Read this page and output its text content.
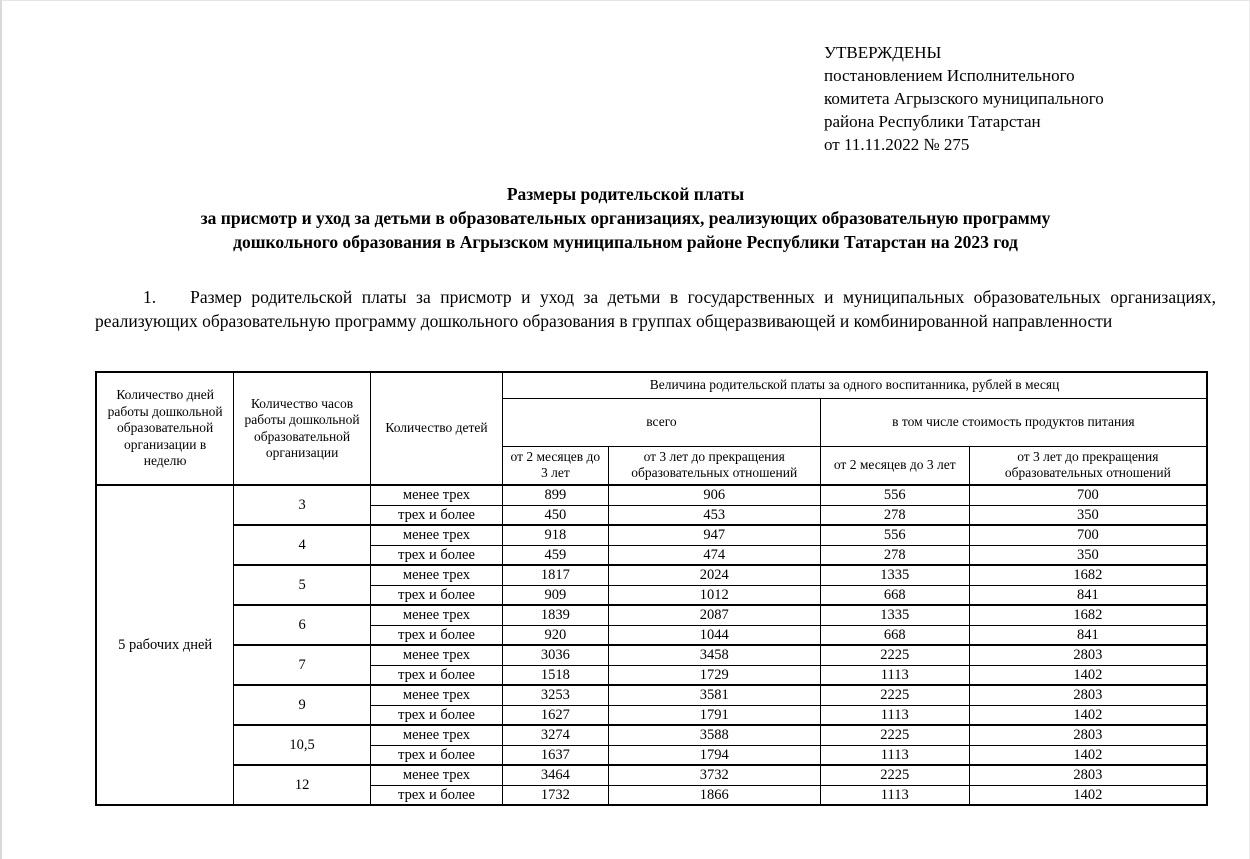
УТВЕРЖДЕНЫ
постановлением Исполнительного
комитета Агрызского муниципального
района Республики Татарстан
от 11.11.2022 № 275
Размеры родительской платы
за присмотр и уход за детьми в образовательных организациях, реализующих образовательную программу
дошкольного образования в Агрызском муниципальном районе Республики Татарстан на 2023 год

1. Размер родительской платы за присмотр и уход за детьми в государственных и муниципальных образовательных организациях, реализующих образовательную программу дошкольного образования в группах общеразвивающей и комбинированной направленности

Количество дней работы дошкольной образовательной организации в неделю	Количество часов работы дошкольной образовательной организации	Количество детей	Величина родительской платы за одного воспитанника, рублей в месяц			
			всего		в том числе стоимость продуктов питания	
			от 2 месяцев до 3 лет	от 3 лет до прекращения образовательных отношений	от 2 месяцев до 3 лет	от 3 лет до прекращения образовательных отношений
5 рабочих дней	3	менее трех	899	906	556	700
		трех и более	450	453	278	350
	4	менее трех	918	947	556	700
		трех и более	459	474	278	350
	5	менее трех	1817	2024	1335	1682
		трех и более	909	1012	668	841
	6	менее трех	1839	2087	1335	1682
		трех и более	920	1044	668	841
	7	менее трех	3036	3458	2225	2803
		трех и более	1518	1729	1113	1402
	9	менее трех	3253	3581	2225	2803
		трех и более	1627	1791	1113	1402
	10,5	менее трех	3274	3588	2225	2803
		трех и более	1637	1794	1113	1402
	12	менее трех	3464	3732	2225	2803
		трех и более	1732	1866	1113	1402
